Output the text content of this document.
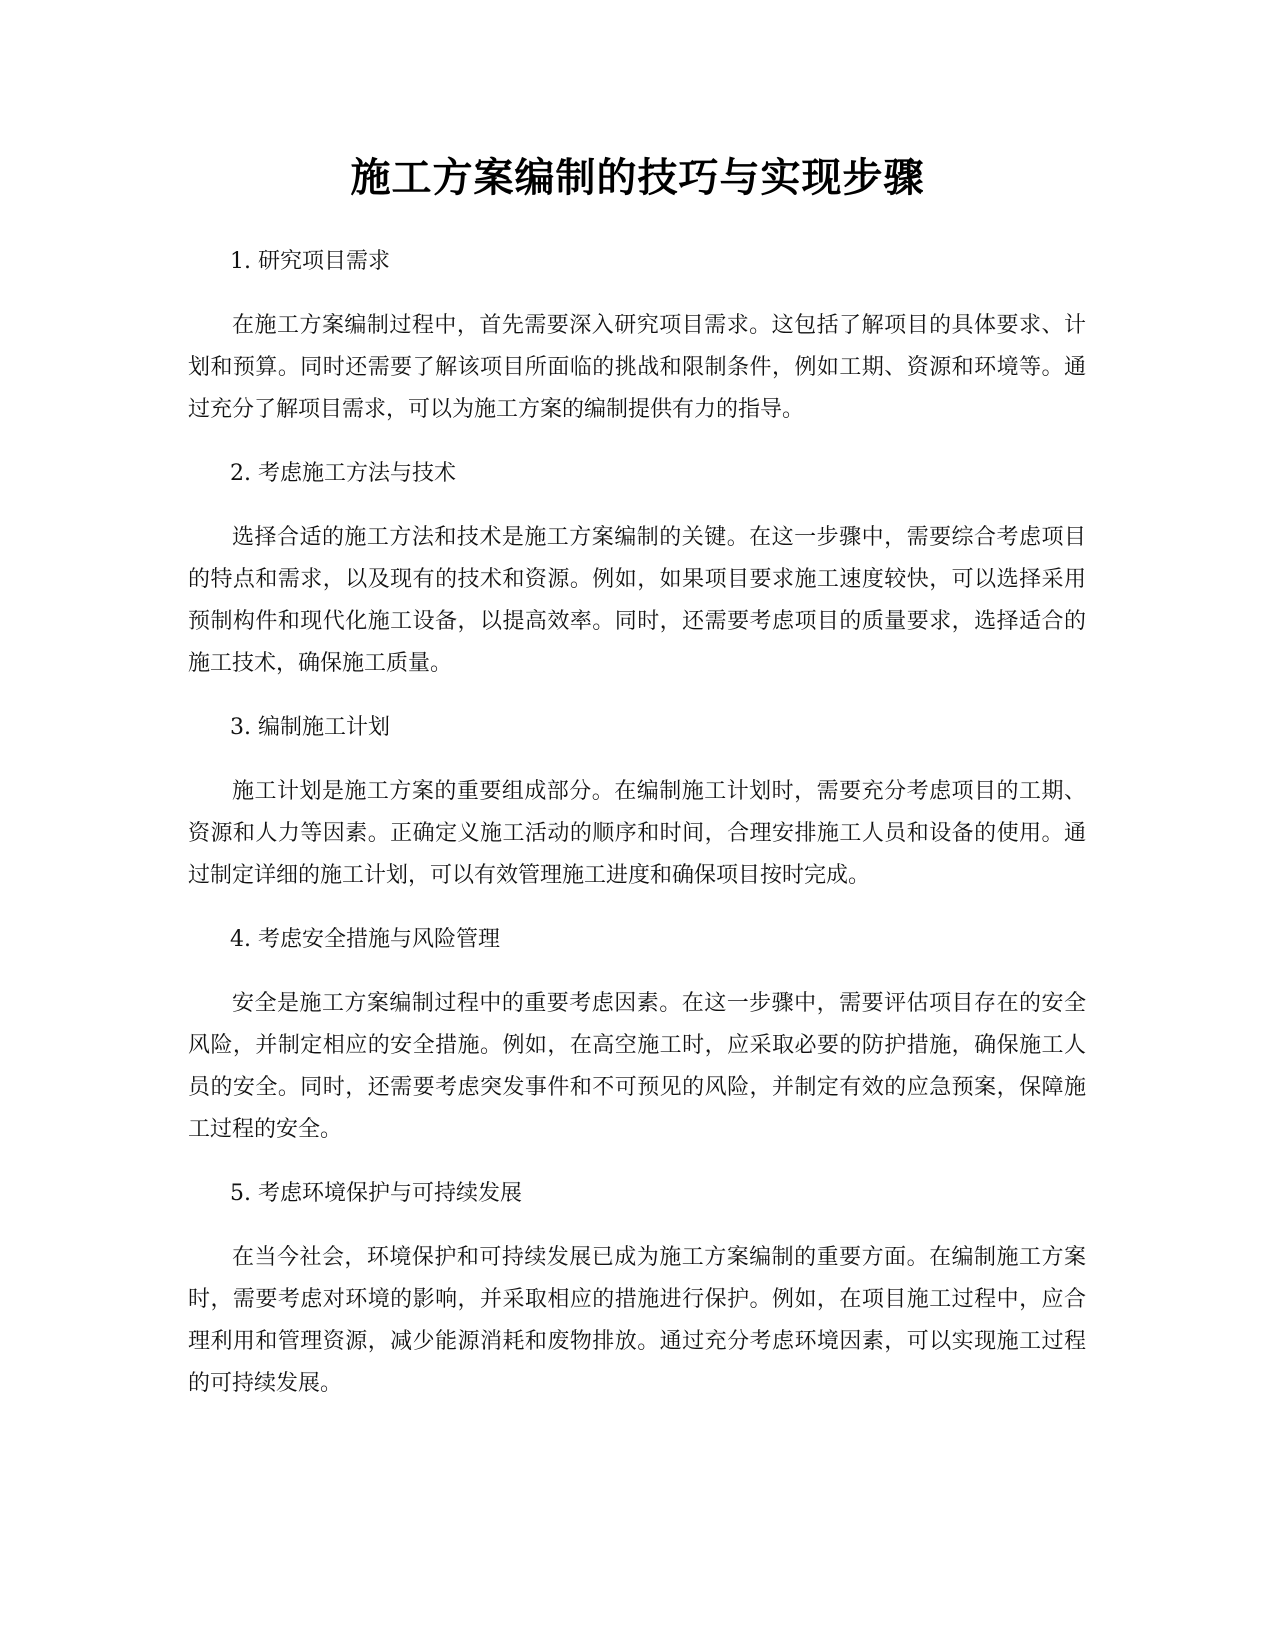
施工方案编制的技巧与实现步骤

1. 研究项目需求

在施工方案编制过程中，首先需要深入研究项目需求。这包括了解项目的具体要求、计划和预算。同时还需要了解该项目所面临的挑战和限制条件，例如工期、资源和环境等。通过充分了解项目需求，可以为施工方案的编制提供有力的指导。

2. 考虑施工方法与技术

选择合适的施工方法和技术是施工方案编制的关键。在这一步骤中，需要综合考虑项目的特点和需求，以及现有的技术和资源。例如，如果项目要求施工速度较快，可以选择采用预制构件和现代化施工设备，以提高效率。同时，还需要考虑项目的质量要求，选择适合的施工技术，确保施工质量。

3. 编制施工计划

施工计划是施工方案的重要组成部分。在编制施工计划时，需要充分考虑项目的工期、资源和人力等因素。正确定义施工活动的顺序和时间，合理安排施工人员和设备的使用。通过制定详细的施工计划，可以有效管理施工进度和确保项目按时完成。

4. 考虑安全措施与风险管理

安全是施工方案编制过程中的重要考虑因素。在这一步骤中，需要评估项目存在的安全风险，并制定相应的安全措施。例如，在高空施工时，应采取必要的防护措施，确保施工人员的安全。同时，还需要考虑突发事件和不可预见的风险，并制定有效的应急预案，保障施工过程的安全。

5. 考虑环境保护与可持续发展

在当今社会，环境保护和可持续发展已成为施工方案编制的重要方面。在编制施工方案时，需要考虑对环境的影响，并采取相应的措施进行保护。例如，在项目施工过程中，应合理利用和管理资源，减少能源消耗和废物排放。通过充分考虑环境因素，可以实现施工过程的可持续发展。
